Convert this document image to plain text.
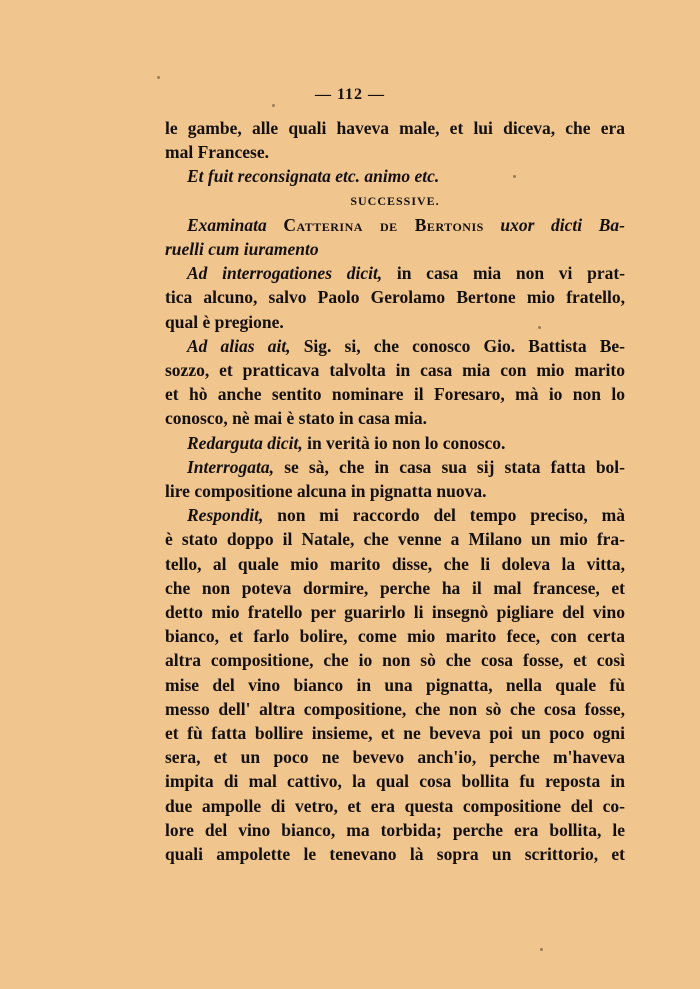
— 112 —
le gambe, alle quali haveva male, et lui diceva, che era
mal Francese.
Et fuit reconsignata etc. animo etc.
SUCCESSIVE.
Examinata Catterina de Bertonis uxor dicti Ba-
ruelli cum iuramento
Ad interrogationes dicit, in casa mia non vi prat-
tica alcuno, salvo Paolo Gerolamo Bertone mio fratello,
qual è pregione.
Ad alias ait, Sig. si, che conosco Gio. Battista Be-
sozzo, et pratticava talvolta in casa mia con mio marito
et hò anche sentito nominare il Foresaro, mà io non lo
conosco, nè mai è stato in casa mia.
Redarguta dicit, in verità io non lo conosco.
Interrogata, se sà, che in casa sua sij stata fatta bol-
lire compositione alcuna in pignatta nuova.
Respondit, non mi raccordo del tempo preciso, mà
è stato doppo il Natale, che venne a Milano un mio fra-
tello, al quale mio marito disse, che li doleva la vitta,
che non poteva dormire, perche ha il mal francese, et
detto mio fratello per guarirlo li insegnò pigliare del vino
bianco, et farlo bolire, come mio marito fece, con certa
altra compositione, che io non sò che cosa fosse, et così
mise del vino bianco in una pignatta, nella quale fù
messo dell' altra compositione, che non sò che cosa fosse,
et fù fatta bollire insieme, et ne beveva poi un poco ogni
sera, et un poco ne bevevo anch'io, perche m'haveva
impita di mal cattivo, la qual cosa bollita fu reposta in
due ampolle di vetro, et era questa compositione del co-
lore del vino bianco, ma torbida; perche era bollita, le
quali ampolette le tenevano là sopra un scrittorio, et
